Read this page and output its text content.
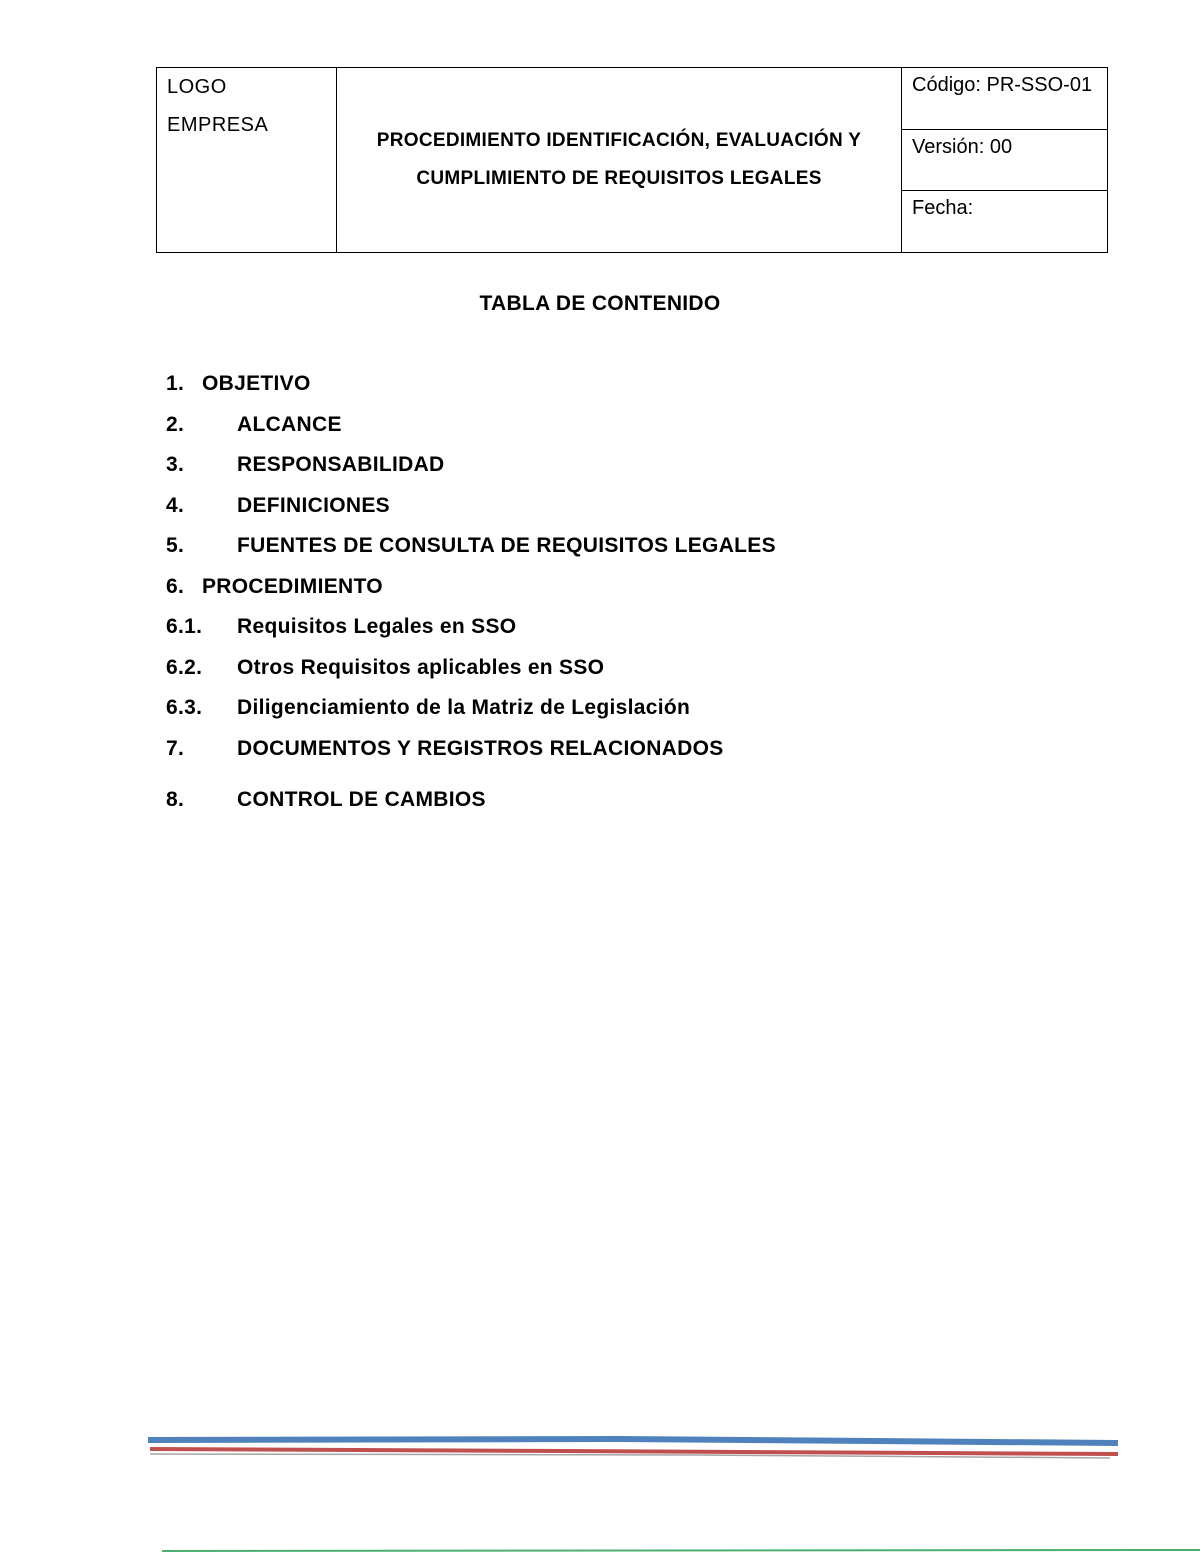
LOGO
EMPRESA

PROCEDIMIENTO IDENTIFICACIÓN, EVALUACIÓN Y
CUMPLIMIENTO DE REQUISITOS LEGALES
	Código: PR-SSO-01
Versión: 00
Fecha:
TABLA DE CONTENIDO
1. OBJETIVO
2.	ALCANCE
3.	RESPONSABILIDAD
4.	DEFINICIONES
5.	FUENTES DE CONSULTA DE REQUISITOS LEGALES
6. PROCEDIMIENTO
6.1. Requisitos Legales en SSO
6.2. Otros Requisitos aplicables en SSO
6.3. Diligenciamiento de la Matriz de Legislación
7.	DOCUMENTOS Y REGISTROS RELACIONADOS
8.	CONTROL DE CAMBIOS
